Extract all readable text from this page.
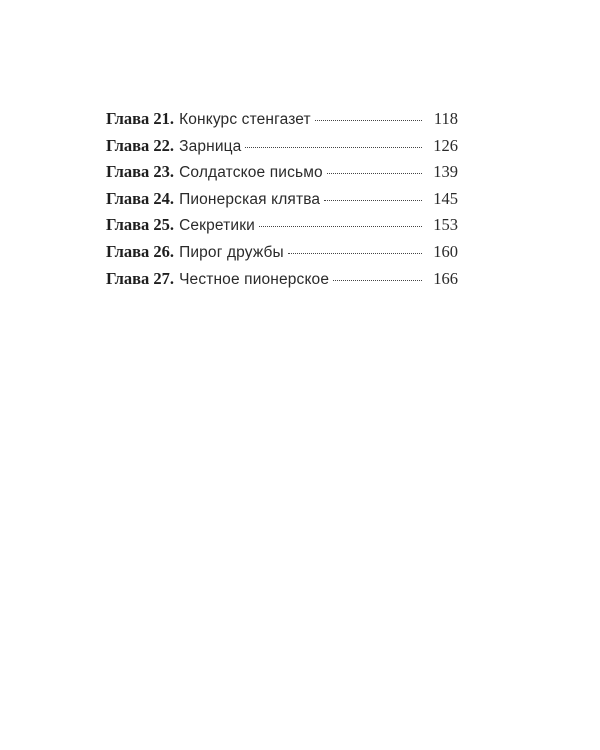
Глава 21. Конкурс стенгазет	118
Глава 22. Зарница	126
Глава 23. Солдатское письмо	139
Глава 24. Пионерская клятва	145
Глава 25. Секретики	153
Глава 26. Пирог дружбы	160
Глава 27. Честное пионерское	166
